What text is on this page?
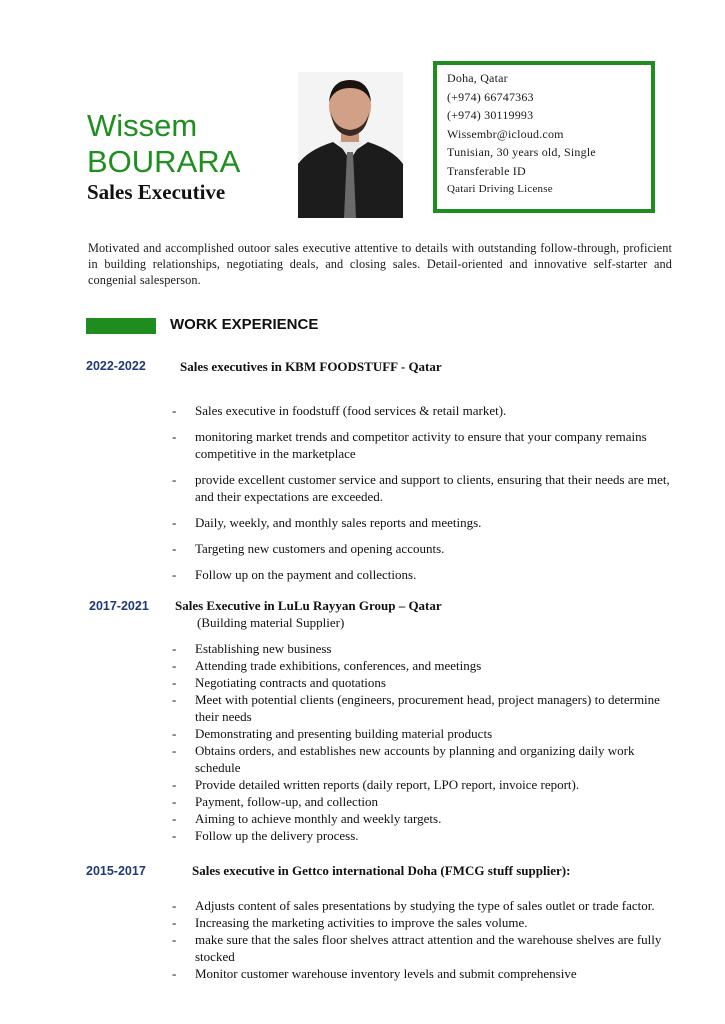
Wissem
BOURARA
Sales Executive
Doha, Qatar
(+974) 66747363
(+974) 30119993
Wissembr@icloud.com
Tunisian, 30 years old, Single
Transferable ID
Qatari Driving License
Motivated and accomplished outoor sales executive attentive to details with outstanding follow-through, proficient in building relationships, negotiating deals, and closing sales. Detail-oriented and innovative self-starter and congenial salesperson.
WORK EXPERIENCE
2022-2022	Sales executives in KBM FOODSTUFF - Qatar
- Sales executive in foodstuff (food services & retail market).
- monitoring market trends and competitor activity to ensure that your company remains competitive in the marketplace
- provide excellent customer service and support to clients, ensuring that their needs are met, and their expectations are exceeded.
- Daily, weekly, and monthly sales reports and meetings.
- Targeting new customers and opening accounts.
- Follow up on the payment and collections.
2017-2021 Sales Executive in LuLu Rayyan Group – Qatar
(Building material Supplier)
- Establishing new business
- Attending trade exhibitions, conferences, and meetings
- Negotiating contracts and quotations
- Meet with potential clients (engineers, procurement head, project managers) to determine their needs
- Demonstrating and presenting building material products
- Obtains orders, and establishes new accounts by planning and organizing daily work schedule
- Provide detailed written reports (daily report, LPO report, invoice report).
- Payment, follow-up, and collection
- Aiming to achieve monthly and weekly targets.
- Follow up the delivery process.
2015-2017	Sales executive in Gettco international Doha (FMCG stuff supplier):
- Adjusts content of sales presentations by studying the type of sales outlet or trade factor.
- Increasing the marketing activities to improve the sales volume.
- make sure that the sales floor shelves attract attention and the warehouse shelves are fully stocked
- Monitor customer warehouse inventory levels and submit comprehensive
